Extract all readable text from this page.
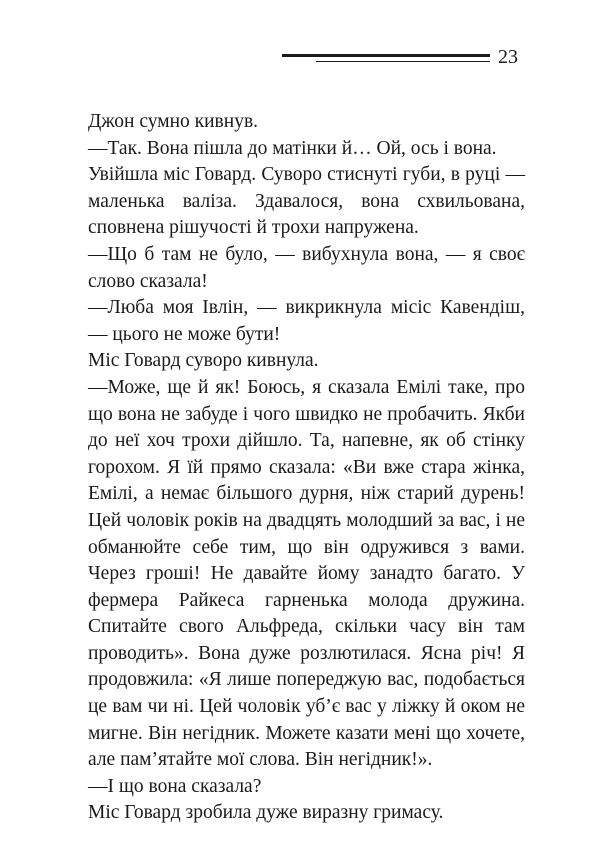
23

Джон сумно кивнув.

—Так. Вона пішла до матінки й… Ой, ось і вона.

Увійшла міс Говард. Суворо стиснуті губи, в руці — маленька валіза. Здавалося, вона схвильована, сповнена рішучості й трохи напружена.

—Що б там не було, — вибухнула вона, — я своє слово сказала!

—Люба моя Івлін, — викрикнула місіс Кавендіш, — цього не може бути!

Міс Говард суворо кивнула.

—Може, ще й як! Боюсь, я сказала Емілі таке, про що вона не забуде і чого швидко не пробачить. Якби до неї хоч трохи дійшло. Та, напевне, як об стінку горохом. Я їй прямо сказала: «Ви вже стара жінка, Емілі, а немає більшого дурня, ніж старий дурень! Цей чоловік років на двадцять молодший за вас, і не обманюйте себе тим, що він одружився з вами. Через гроші! Не давайте йому занадто багато. У фермера Райкеса гарненька молода дружина. Спитайте свого Альфреда, скільки часу він там проводить». Вона дуже розлютилася. Ясна річ! Я продовжила: «Я лише попереджую вас, подобається це вам чи ні. Цей чоловік уб’є вас у ліжку й оком не мигне. Він негідник. Можете казати мені що хочете, але пам’ятайте мої слова. Він негідник!».

—І що вона сказала?

Міс Говард зробила дуже виразну гримасу.
